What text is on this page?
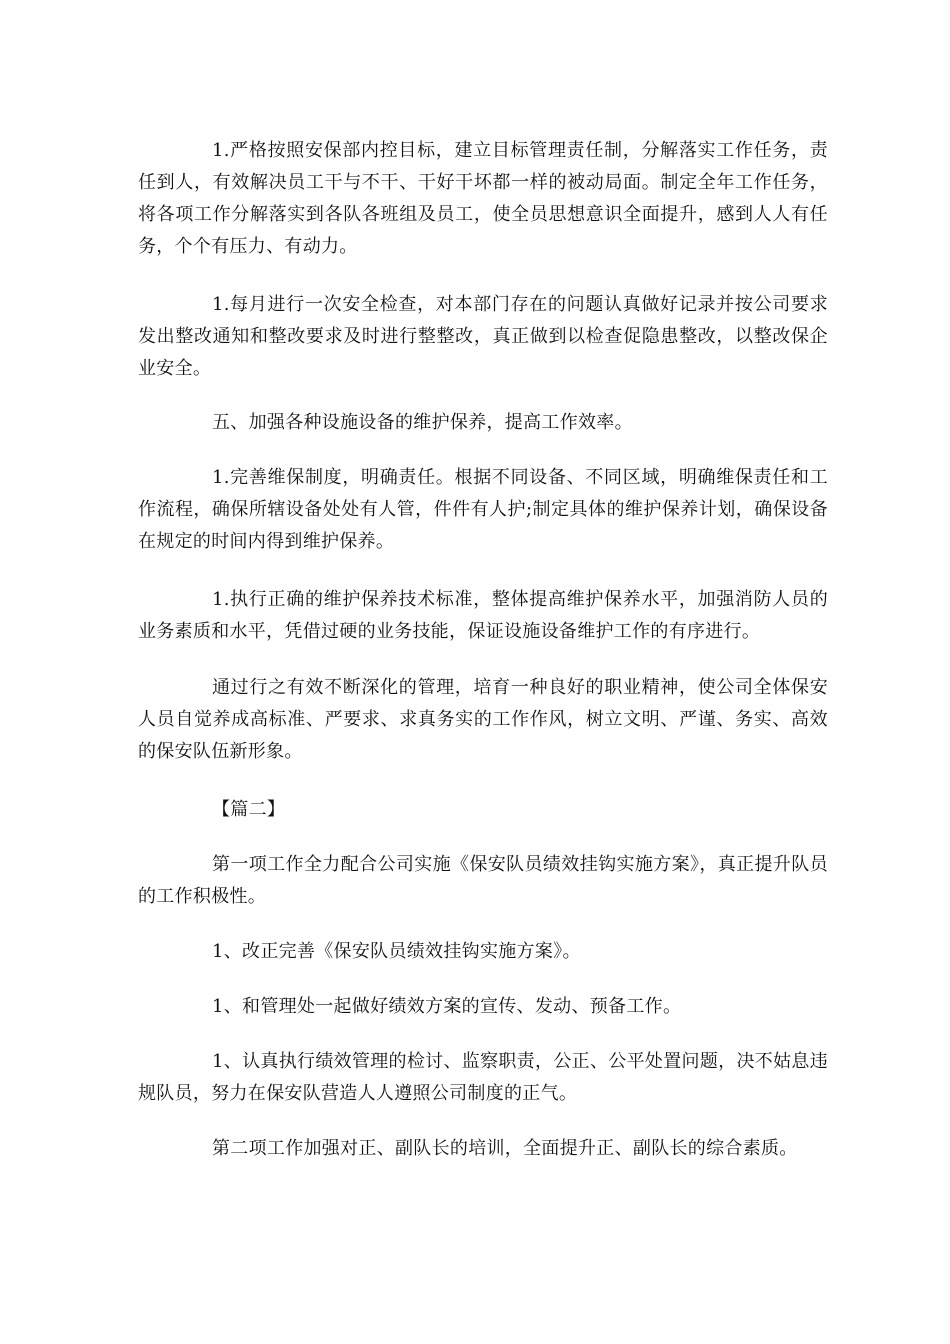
1.严格按照安保部内控目标，建立目标管理责任制，分解落实工作任务，责任到人，有效解决员工干与不干、干好干坏都一样的被动局面。制定全年工作任务，将各项工作分解落实到各队各班组及员工，使全员思想意识全面提升，感到人人有任务，个个有压力、有动力。

1.每月进行一次安全检查，对本部门存在的问题认真做好记录并按公司要求发出整改通知和整改要求及时进行整整改，真正做到以检查促隐患整改，以整改保企业安全。

五、加强各种设施设备的维护保养，提高工作效率。

1.完善维保制度，明确责任。根据不同设备、不同区域，明确维保责任和工作流程，确保所辖设备处处有人管，件件有人护;制定具体的维护保养计划，确保设备在规定的时间内得到维护保养。

1.执行正确的维护保养技术标准，整体提高维护保养水平，加强消防人员的业务素质和水平，凭借过硬的业务技能，保证设施设备维护工作的有序进行。

通过行之有效不断深化的管理，培育一种良好的职业精神，使公司全体保安人员自觉养成高标准、严要求、求真务实的工作作风，树立文明、严谨、务实、高效的保安队伍新形象。

【篇二】

第一项工作全力配合公司实施《保安队员绩效挂钩实施方案》，真正提升队员的工作积极性。

1、改正完善《保安队员绩效挂钩实施方案》。

1、和管理处一起做好绩效方案的宣传、发动、预备工作。

1、认真执行绩效管理的检讨、监察职责，公正、公平处置问题，决不姑息违规队员，努力在保安队营造人人遵照公司制度的正气。

第二项工作加强对正、副队长的培训，全面提升正、副队长的综合素质。
